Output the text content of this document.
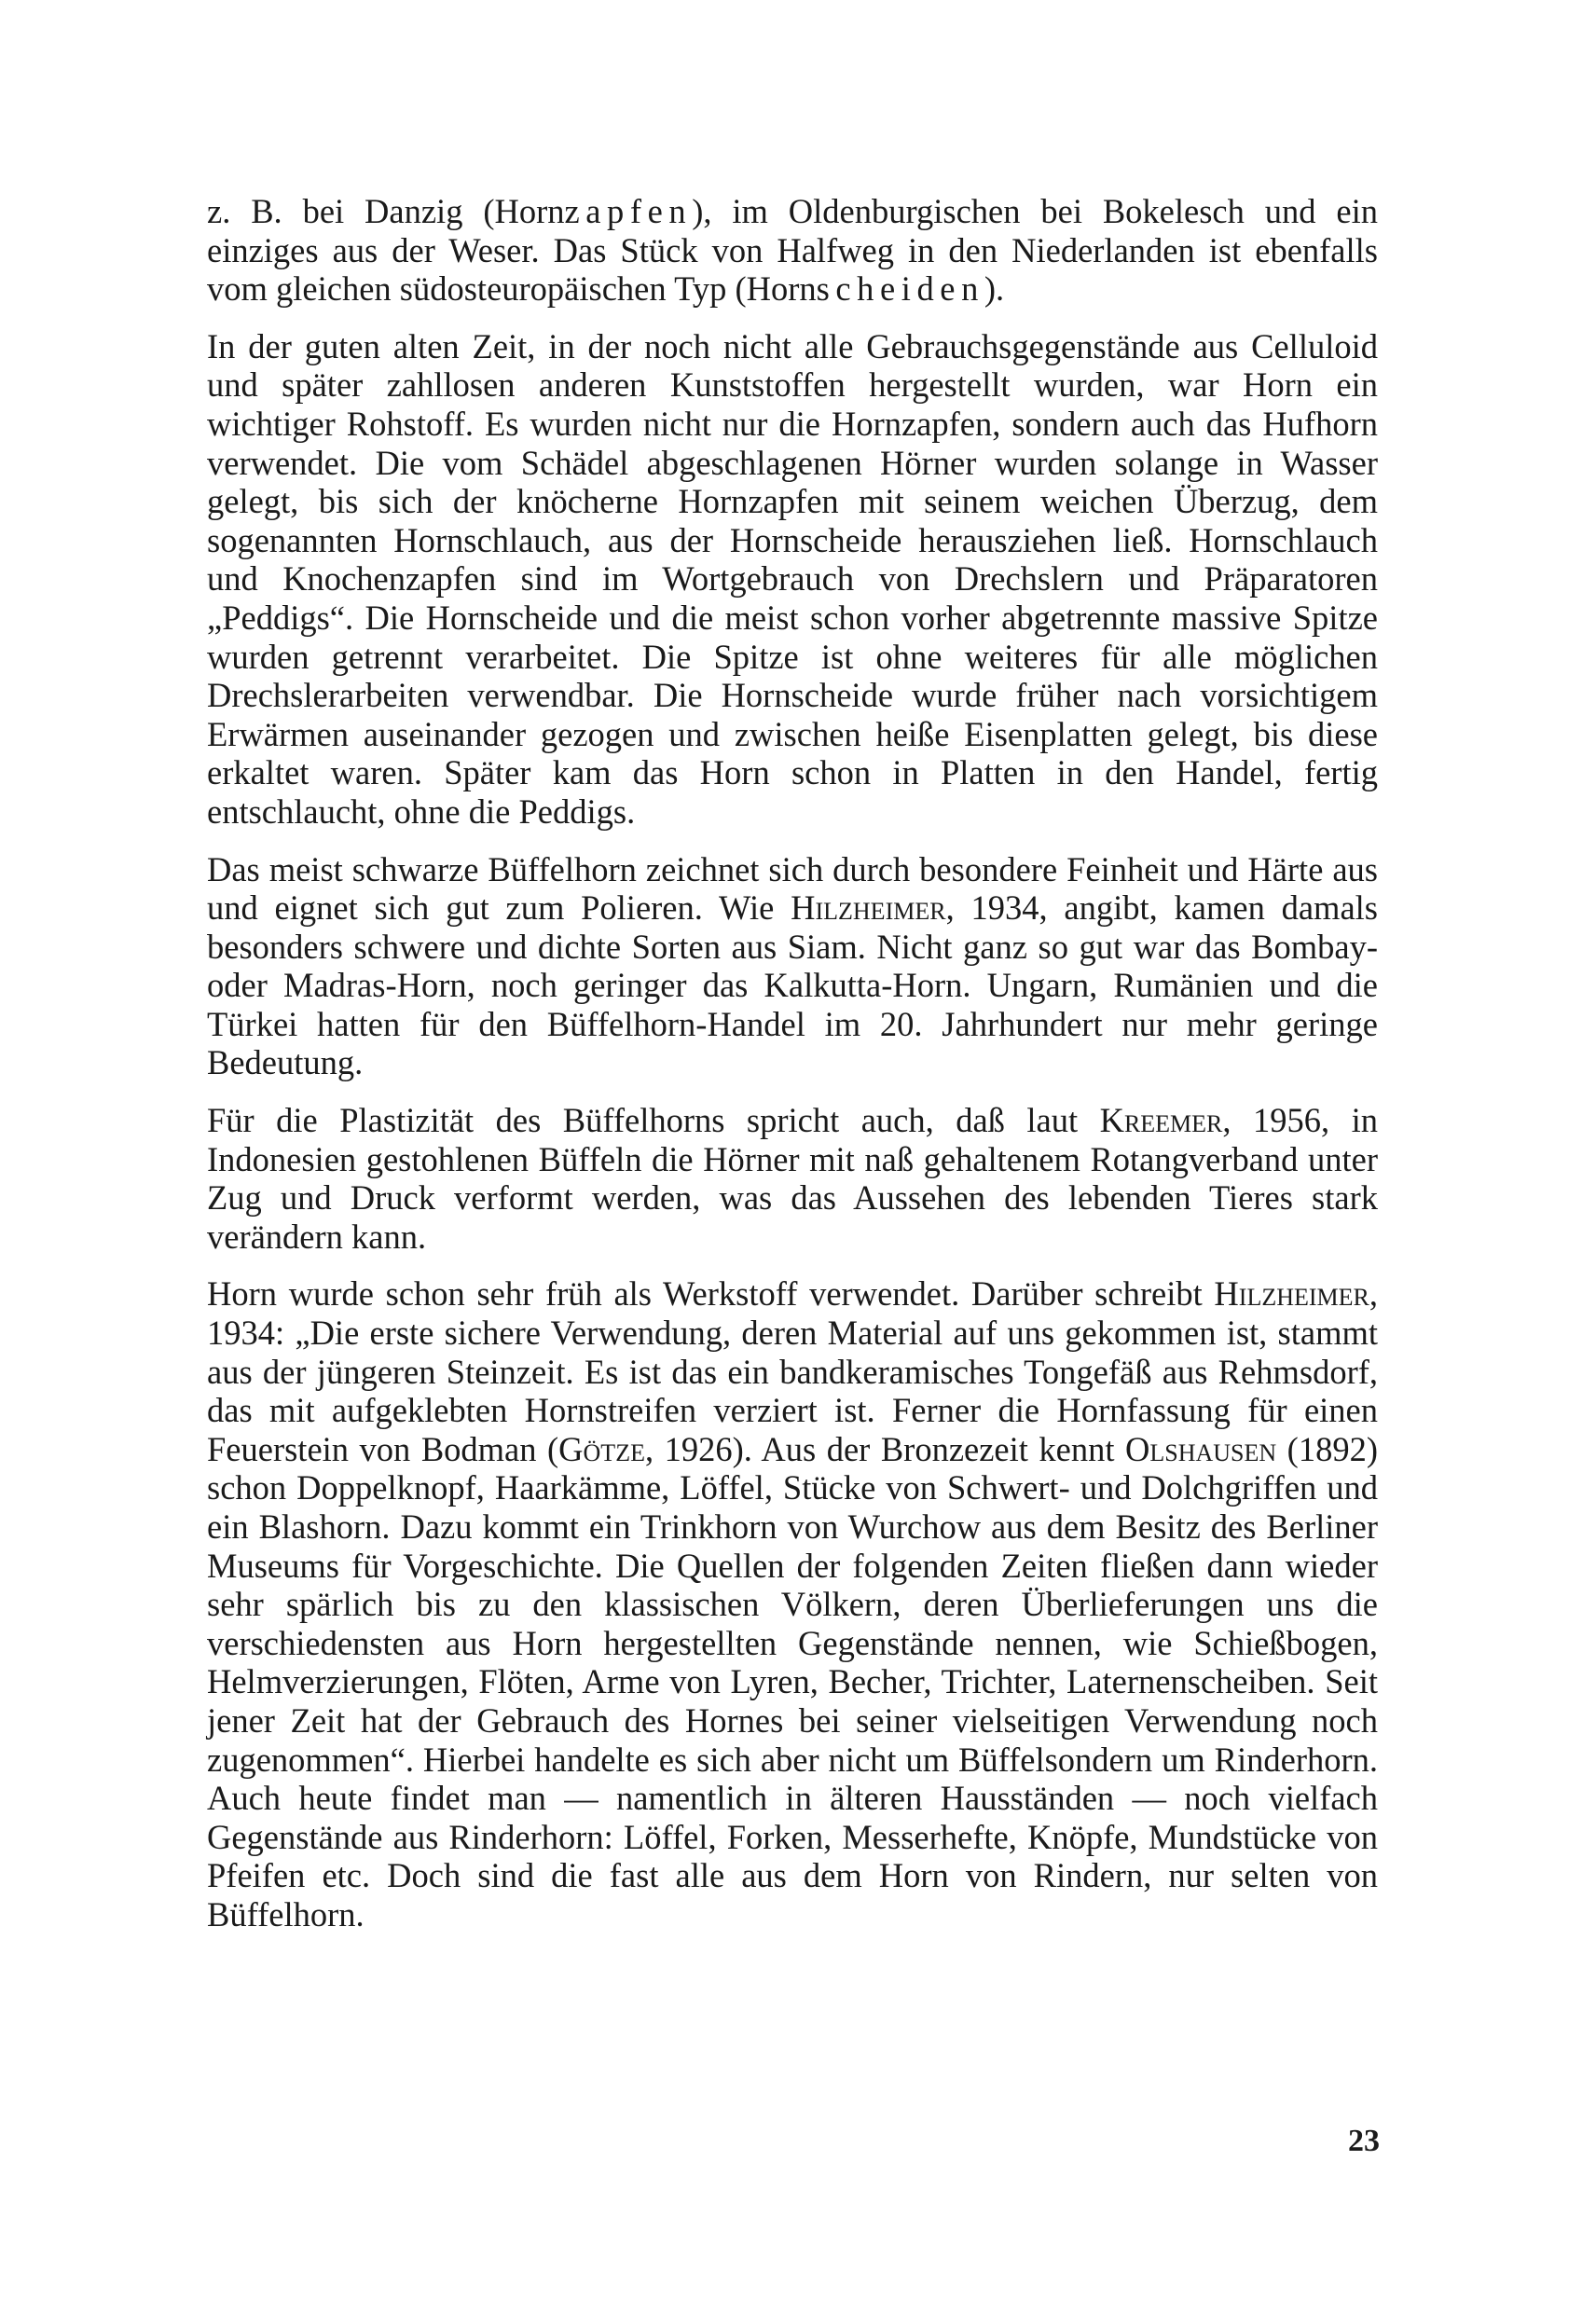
z. B. bei Danzig (Hornzapfen), im Oldenburgischen bei Bokelesch und ein einziges aus der Weser. Das Stück von Halfweg in den Niederlanden ist ebenfalls vom gleichen südosteuropäischen Typ (Hornscheiden).

In der guten alten Zeit, in der noch nicht alle Gebrauchsgegenstände aus Celluloid und später zahllosen anderen Kunststoffen hergestellt wurden, war Horn ein wichtiger Rohstoff. Es wurden nicht nur die Hornzapfen, sondern auch das Hufhorn verwendet. Die vom Schädel abgeschlagenen Hörner wurden solange in Wasser gelegt, bis sich der knöcherne Hornzapfen mit seinem weichen Überzug, dem sogenannten Hornschlauch, aus der Hornscheide herausziehen ließ. Hornschlauch und Knochenzapfen sind im Wortgebrauch von Drechslern und Präparatoren „Peddigs“. Die Hornscheide und die meist schon vorher abgetrennte massive Spitze wurden getrennt verarbeitet. Die Spitze ist ohne weiteres für alle möglichen Drechslerarbeiten verwendbar. Die Hornscheide wurde früher nach vorsichtigem Erwärmen auseinander gezogen und zwischen heiße Eisenplatten gelegt, bis diese erkaltet waren. Später kam das Horn schon in Platten in den Handel, fertig entschlaucht, ohne die Peddigs.

Das meist schwarze Büffelhorn zeichnet sich durch besondere Feinheit und Härte aus und eignet sich gut zum Polieren. Wie Hilzheimer, 1934, angibt, kamen damals besonders schwere und dichte Sorten aus Siam. Nicht ganz so gut war das Bombay- oder Madras-Horn, noch geringer das Kalkutta-Horn. Ungarn, Rumänien und die Türkei hatten für den Büffelhorn-Handel im 20. Jahrhundert nur mehr geringe Bedeutung.

Für die Plastizität des Büffelhorns spricht auch, daß laut Kreemer, 1956, in Indonesien gestohlenen Büffeln die Hörner mit naß gehaltenem Rotangverband unter Zug und Druck verformt werden, was das Aussehen des lebenden Tieres stark verändern kann.

Horn wurde schon sehr früh als Werkstoff verwendet. Darüber schreibt Hilzheimer, 1934: „Die erste sichere Verwendung, deren Material auf uns gekommen ist, stammt aus der jüngeren Steinzeit. Es ist das ein bandkeramisches Tongefäß aus Rehmsdorf, das mit aufgeklebten Hornstreifen verziert ist. Ferner die Hornfassung für einen Feuerstein von Bodman (Götze, 1926). Aus der Bronzezeit kennt Olshausen (1892) schon Doppelknopf, Haarkämme, Löffel, Stücke von Schwert- und Dolchgriffen und ein Blashorn. Dazu kommt ein Trinkhorn von Wurchow aus dem Besitz des Berliner Museums für Vorgeschichte. Die Quellen der folgenden Zeiten fließen dann wieder sehr spärlich bis zu den klassischen Völkern, deren Überlieferungen uns die verschiedensten aus Horn hergestellten Gegenstände nennen, wie Schießbogen, Helmverzierungen, Flöten, Arme von Lyren, Becher, Trichter, Laternenscheiben. Seit jener Zeit hat der Gebrauch des Hornes bei seiner vielseitigen Verwendung noch zugenommen“. Hierbei handelte es sich aber nicht um Büffelsondern um Rinderhorn. Auch heute findet man — namentlich in älteren Hausständen — noch vielfach Gegenstände aus Rinderhorn: Löffel, Forken, Messerhefte, Knöpfe, Mundstücke von Pfeifen etc. Doch sind die fast alle aus dem Horn von Rindern, nur selten von Büffelhorn.

23
